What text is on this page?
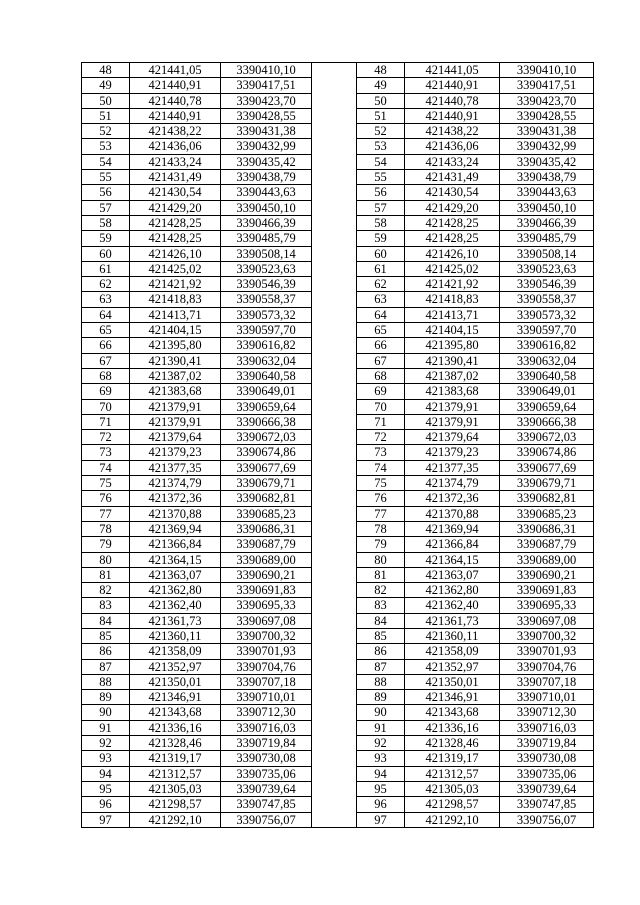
48	421441,05	3390410,10
49	421440,91	3390417,51
50	421440,78	3390423,70
51	421440,91	3390428,55
52	421438,22	3390431,38
53	421436,06	3390432,99
54	421433,24	3390435,42
55	421431,49	3390438,79
56	421430,54	3390443,63
57	421429,20	3390450,10
58	421428,25	3390466,39
59	421428,25	3390485,79
60	421426,10	3390508,14
61	421425,02	3390523,63
62	421421,92	3390546,39
63	421418,83	3390558,37
64	421413,71	3390573,32
65	421404,15	3390597,70
66	421395,80	3390616,82
67	421390,41	3390632,04
68	421387,02	3390640,58
69	421383,68	3390649,01
70	421379,91	3390659,64
71	421379,91	3390666,38
72	421379,64	3390672,03
73	421379,23	3390674,86
74	421377,35	3390677,69
75	421374,79	3390679,71
76	421372,36	3390682,81
77	421370,88	3390685,23
78	421369,94	3390686,31
79	421366,84	3390687,79
80	421364,15	3390689,00
81	421363,07	3390690,21
82	421362,80	3390691,83
83	421362,40	3390695,33
84	421361,73	3390697,08
85	421360,11	3390700,32
86	421358,09	3390701,93
87	421352,97	3390704,76
88	421350,01	3390707,18
89	421346,91	3390710,01
90	421343,68	3390712,30
91	421336,16	3390716,03
92	421328,46	3390719,84
93	421319,17	3390730,08
94	421312,57	3390735,06
95	421305,03	3390739,64
96	421298,57	3390747,85
97	421292,10	3390756,07
48	421441,05	3390410,10
49	421440,91	3390417,51
50	421440,78	3390423,70
51	421440,91	3390428,55
52	421438,22	3390431,38
53	421436,06	3390432,99
54	421433,24	3390435,42
55	421431,49	3390438,79
56	421430,54	3390443,63
57	421429,20	3390450,10
58	421428,25	3390466,39
59	421428,25	3390485,79
60	421426,10	3390508,14
61	421425,02	3390523,63
62	421421,92	3390546,39
63	421418,83	3390558,37
64	421413,71	3390573,32
65	421404,15	3390597,70
66	421395,80	3390616,82
67	421390,41	3390632,04
68	421387,02	3390640,58
69	421383,68	3390649,01
70	421379,91	3390659,64
71	421379,91	3390666,38
72	421379,64	3390672,03
73	421379,23	3390674,86
74	421377,35	3390677,69
75	421374,79	3390679,71
76	421372,36	3390682,81
77	421370,88	3390685,23
78	421369,94	3390686,31
79	421366,84	3390687,79
80	421364,15	3390689,00
81	421363,07	3390690,21
82	421362,80	3390691,83
83	421362,40	3390695,33
84	421361,73	3390697,08
85	421360,11	3390700,32
86	421358,09	3390701,93
87	421352,97	3390704,76
88	421350,01	3390707,18
89	421346,91	3390710,01
90	421343,68	3390712,30
91	421336,16	3390716,03
92	421328,46	3390719,84
93	421319,17	3390730,08
94	421312,57	3390735,06
95	421305,03	3390739,64
96	421298,57	3390747,85
97	421292,10	3390756,07
